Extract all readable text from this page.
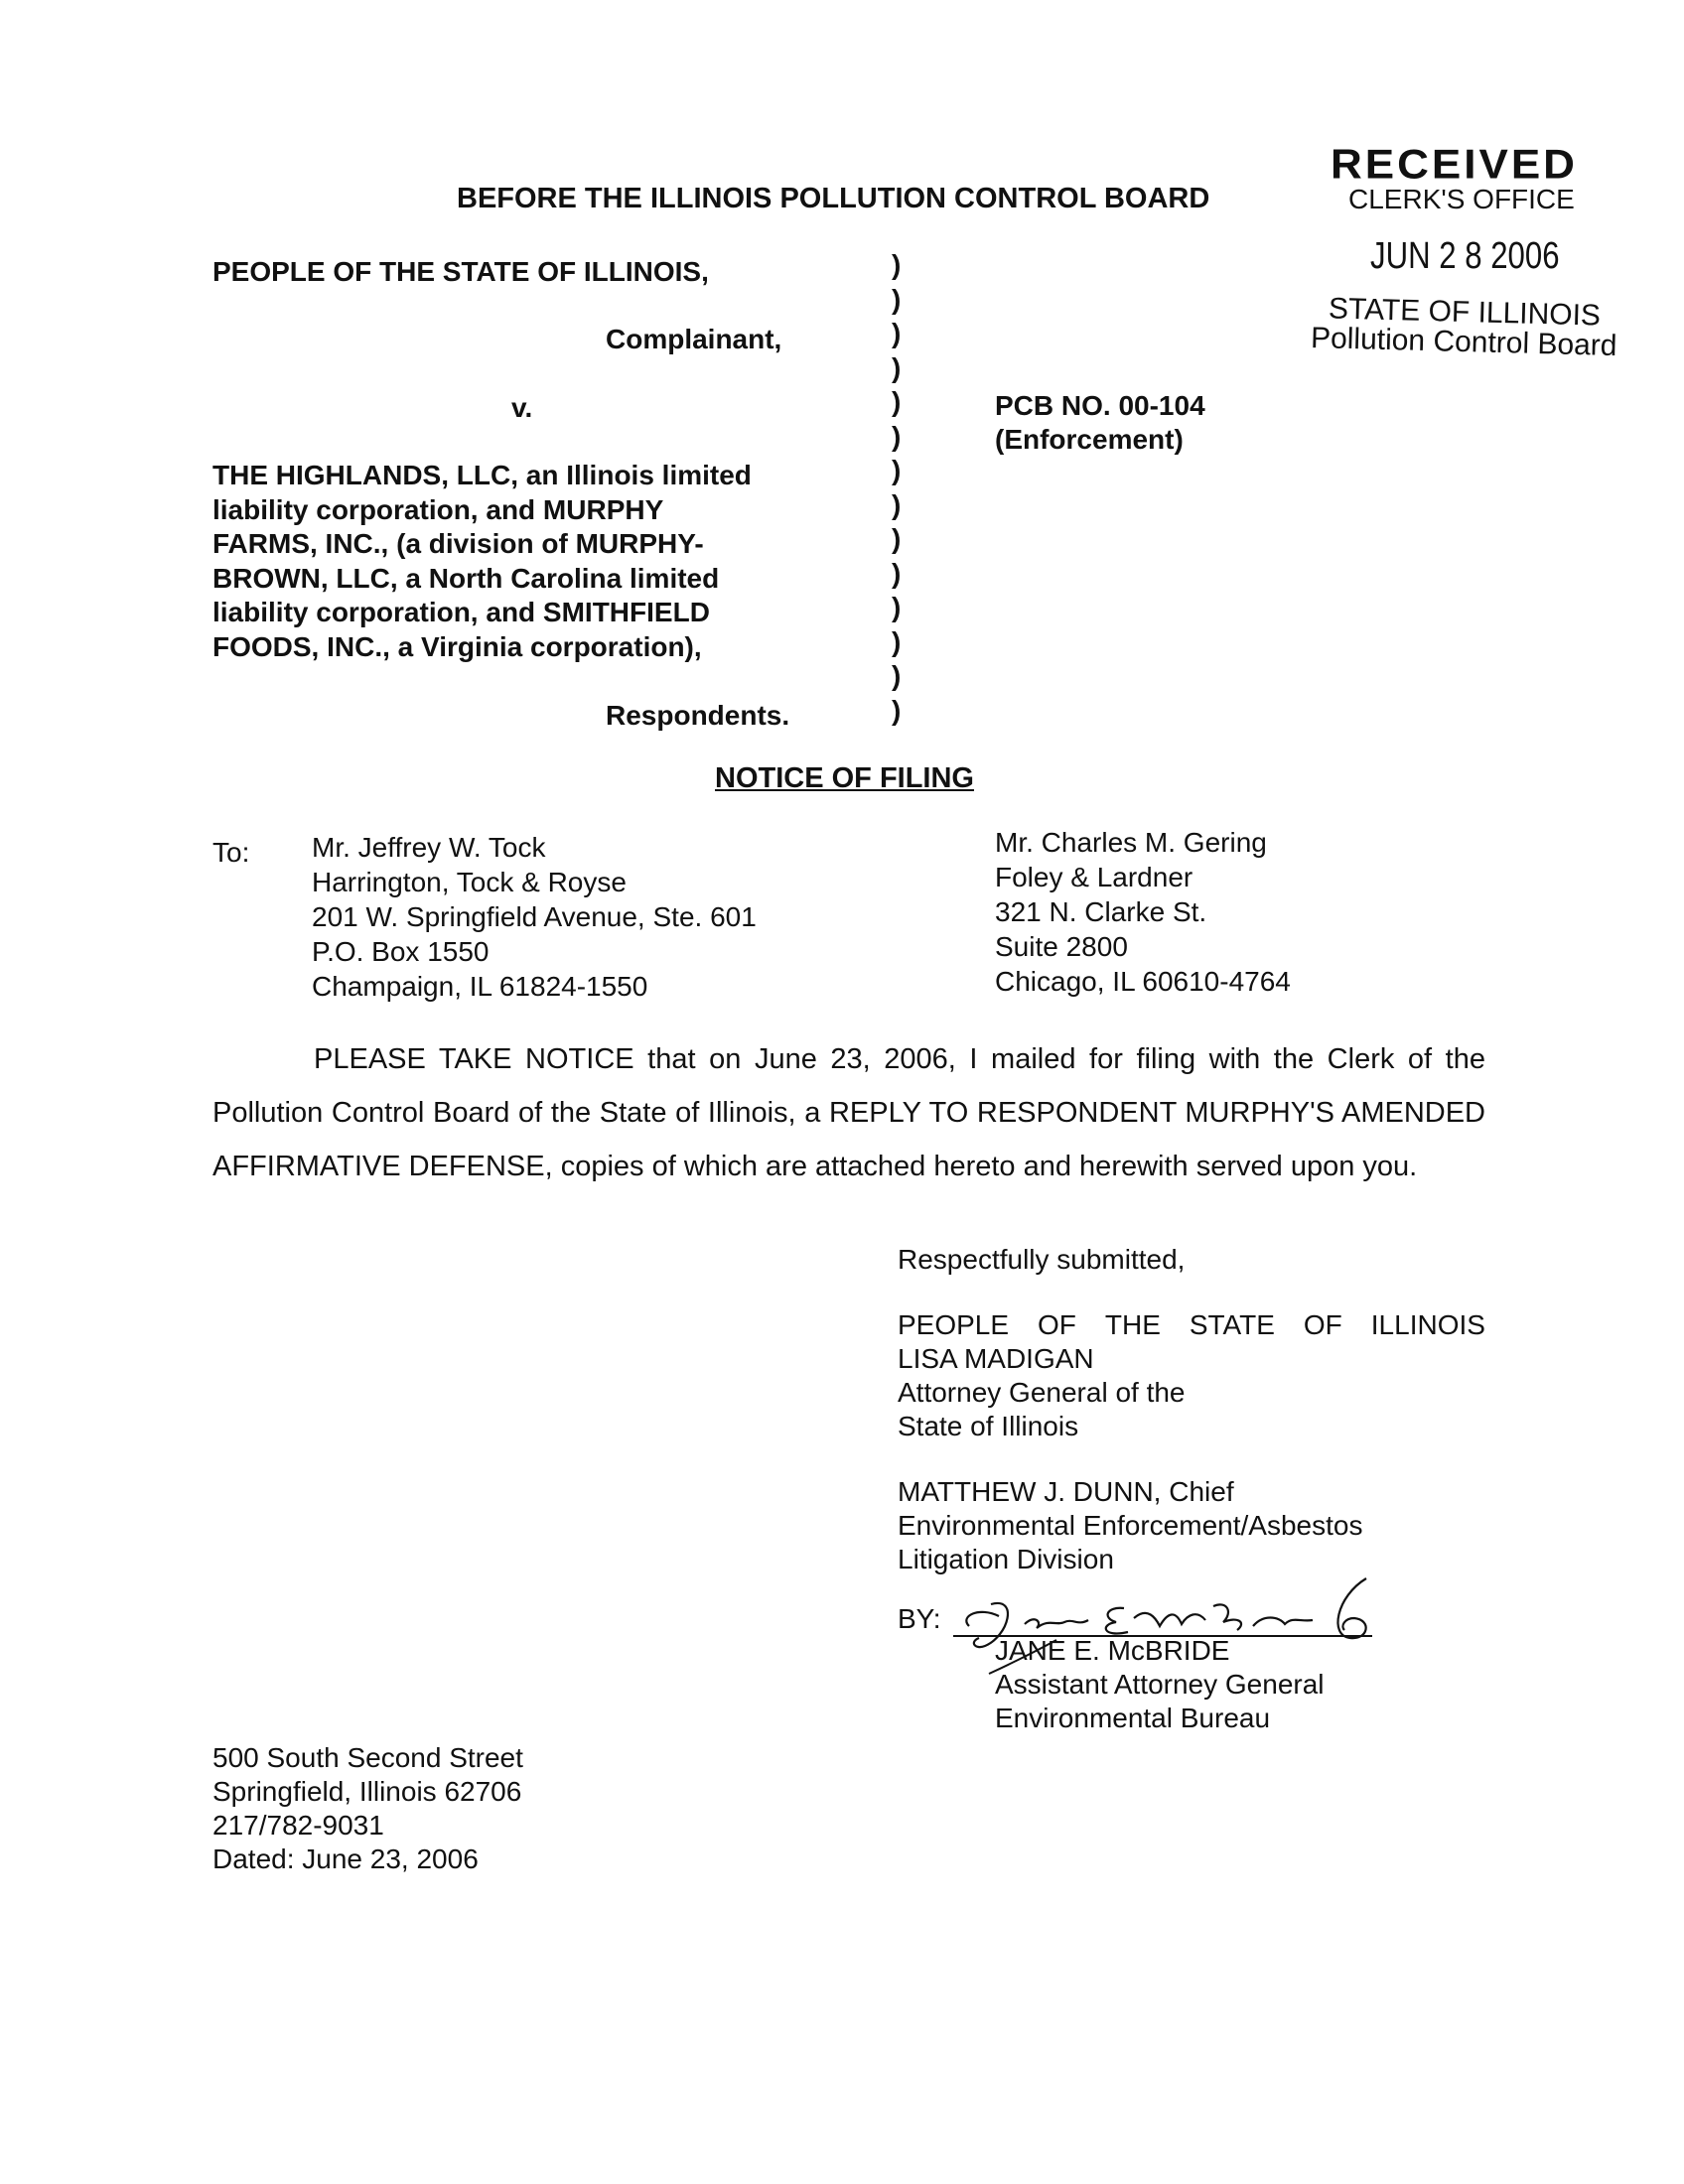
RECEIVED
CLERK'S OFFICE
JUN 2 8 2006
STATE OF ILLINOIS
Pollution Control Board
BEFORE THE ILLINOIS POLLUTION CONTROL BOARD
PEOPLE OF THE STATE OF ILLINOIS,
Complainant,
v.	PCB NO. 00-104
(Enforcement)
THE HIGHLANDS, LLC, an Illinois limited
liability corporation, and MURPHY
FARMS, INC., (a division of MURPHY-
BROWN, LLC, a North Carolina limited
liability corporation, and SMITHFIELD
FOODS, INC., a Virginia corporation),
Respondents.
)
)
)
)
)
)
)
)
)
)
)
)
)
)
NOTICE OF FILING
To: Mr. Jeffrey W. Tock
Harrington, Tock & Royse
201 W. Springfield Avenue, Ste. 601
P.O. Box 1550
Champaign, IL 61824-1550
Mr. Charles M. Gering
Foley & Lardner
321 N. Clarke St.
Suite 2800
Chicago, IL 60610-4764
PLEASE TAKE NOTICE that on June 23, 2006, I mailed for filing with the Clerk of the Pollution Control Board of the State of Illinois, a REPLY TO RESPONDENT MURPHY'S AMENDED AFFIRMATIVE DEFENSE, copies of which are attached hereto and herewith served upon you.
Respectfully submitted,
PEOPLE OF THE STATE OF ILLINOIS
LISA MADIGAN
Attorney General of the
State of Illinois
MATTHEW J. DUNN, Chief
Environmental Enforcement/Asbestos
Litigation Division
BY:
JANE E. McBRIDE
Assistant Attorney General
Environmental Bureau
500 South Second Street
Springfield, Illinois 62706
217/782-9031
Dated: June 23, 2006
